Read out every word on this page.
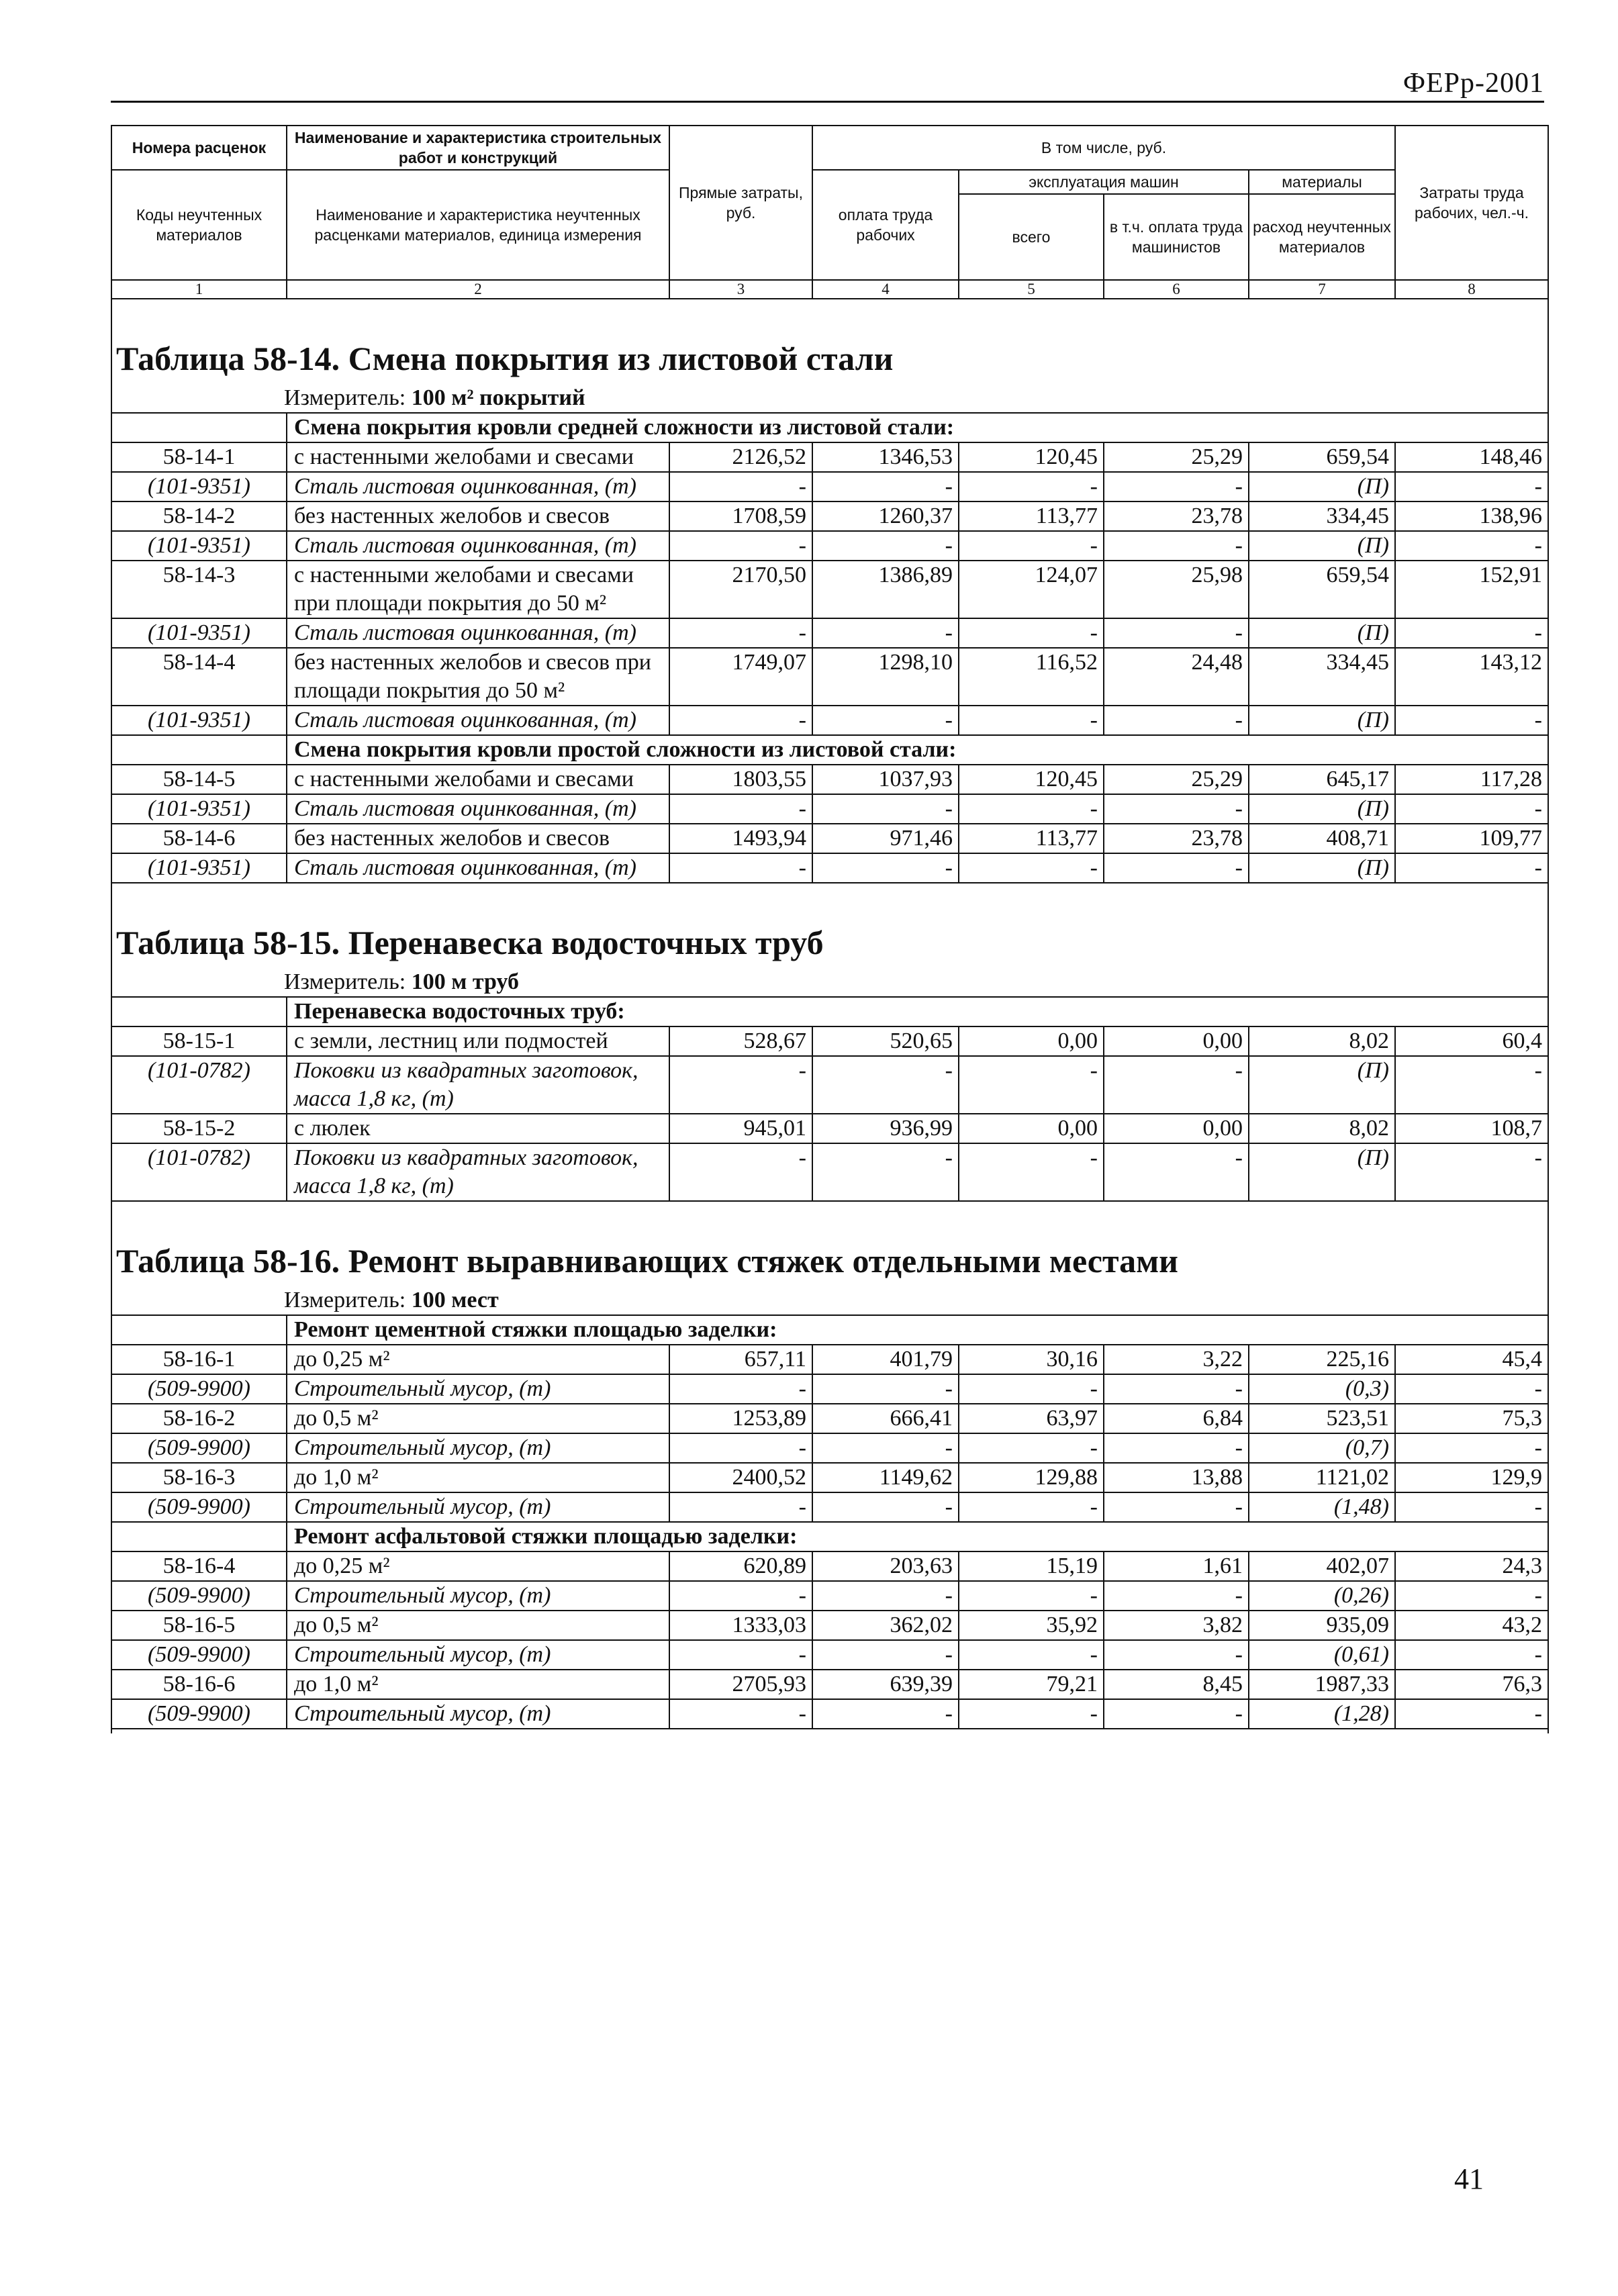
ФЕРр-2001
Номера расценок	Наименование и характеристика строительных работ и конструкций	Прямые затраты, руб.	В том числе, руб.				Затраты труда рабочих, чел.-ч.
Коды неучтенных материалов	Наименование и характеристика неучтенных расценками материалов, единица измерения		оплата труда рабочих	эксплуатация машин		материалы	
				всего	в т.ч. оплата труда машинистов	расход неучтенных материалов	
1	2	3	4	5	6	7	8

Таблица 58-14. Смена покрытия из листовой стали
Измеритель: 100 м² покрытий							

	Смена покрытия кровли средней сложности из листовой стали:						
58-14-1	с настенными желобами и свесами	2126,52	1346,53	120,45	25,29	659,54	148,46
(101-9351)	Сталь листовая оцинкованная, (т)	-	-	-	-	(П)	-
58-14-2	без настенных желобов и свесов	1708,59	1260,37	113,77	23,78	334,45	138,96
(101-9351)	Сталь листовая оцинкованная, (т)	-	-	-	-	(П)	-
58-14-3	с настенными желобами и свесами при площади покрытия до 50 м²	2170,50	1386,89	124,07	25,98	659,54	152,91
(101-9351)	Сталь листовая оцинкованная, (т)	-	-	-	-	(П)	-
58-14-4	без настенных желобов и свесов при площади покрытия до 50 м²	1749,07	1298,10	116,52	24,48	334,45	143,12
(101-9351)	Сталь листовая оцинкованная, (т)	-	-	-	-	(П)	-
	Смена покрытия кровли простой сложности из листовой стали:						
58-14-5	с настенными желобами и свесами	1803,55	1037,93	120,45	25,29	645,17	117,28
(101-9351)	Сталь листовая оцинкованная, (т)	-	-	-	-	(П)	-
58-14-6	без настенных желобов и свесов	1493,94	971,46	113,77	23,78	408,71	109,77
(101-9351)	Сталь листовая оцинкованная, (т)	-	-	-	-	(П)	-

Таблица 58-15. Перенавеска водосточных труб
Измеритель: 100 м труб							

	Перенавеска водосточных труб:						
58-15-1	с земли, лестниц или подмостей	528,67	520,65	0,00	0,00	8,02	60,4
(101-0782)	Поковки из квадратных заготовок, масса 1,8 кг, (т)	-	-	-	-	(П)	-
58-15-2	с люлек	945,01	936,99	0,00	0,00	8,02	108,7
(101-0782)	Поковки из квадратных заготовок, масса 1,8 кг, (т)	-	-	-	-	(П)	-

Таблица 58-16. Ремонт выравнивающих стяжек отдельными местами
Измеритель: 100 мест							

	Ремонт цементной стяжки площадью заделки:						
58-16-1	до 0,25 м²	657,11	401,79	30,16	3,22	225,16	45,4
(509-9900)	Строительный мусор, (т)	-	-	-	-	(0,3)	-
58-16-2	до 0,5 м²	1253,89	666,41	63,97	6,84	523,51	75,3
(509-9900)	Строительный мусор, (т)	-	-	-	-	(0,7)	-
58-16-3	до 1,0 м²	2400,52	1149,62	129,88	13,88	1121,02	129,9
(509-9900)	Строительный мусор, (т)	-	-	-	-	(1,48)	-
	Ремонт асфальтовой стяжки площадью заделки:						
58-16-4	до 0,25 м²	620,89	203,63	15,19	1,61	402,07	24,3
(509-9900)	Строительный мусор, (т)	-	-	-	-	(0,26)	-
58-16-5	до 0,5 м²	1333,03	362,02	35,92	3,82	935,09	43,2
(509-9900)	Строительный мусор, (т)	-	-	-	-	(0,61)	-
58-16-6	до 1,0 м²	2705,93	639,39	79,21	8,45	1987,33	76,3
(509-9900)	Строительный мусор, (т)	-	-	-	-	(1,28)	-

41
